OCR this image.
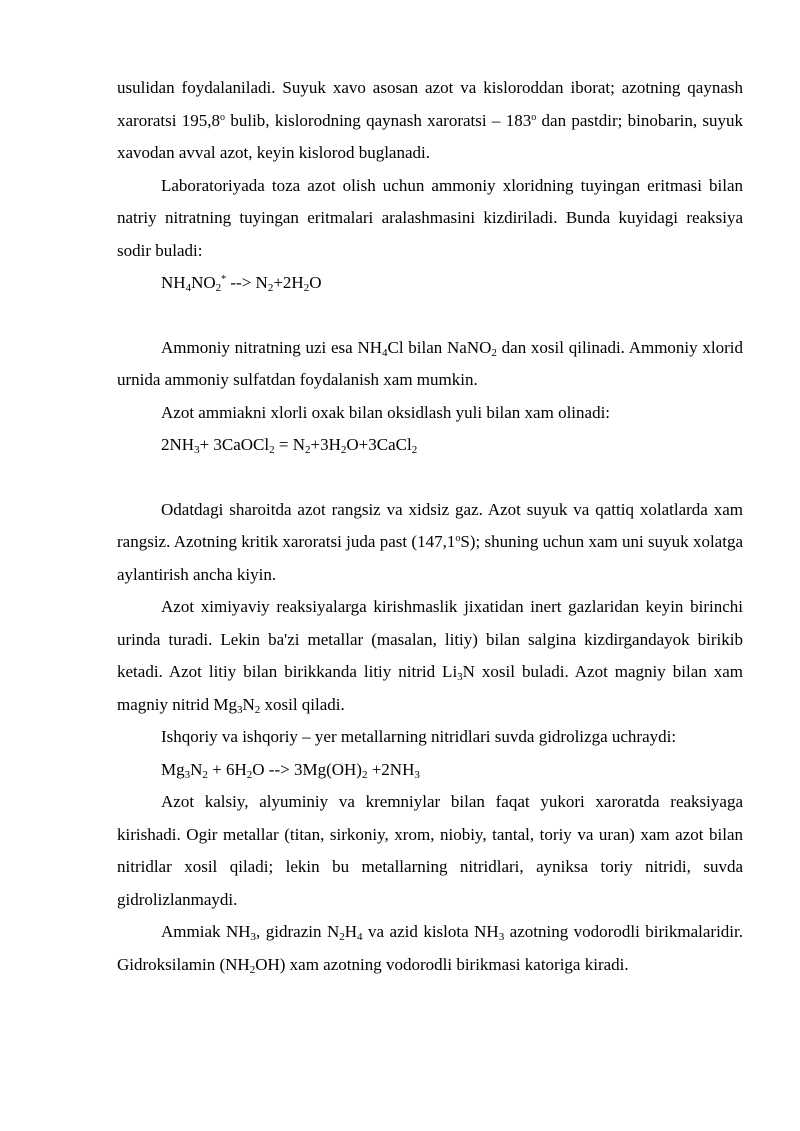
usulidan foydalaniladi. Suyuk xavo asosan azot va kisloroddan iborat; azotning qaynash xaroratsi 195,8$^o$ bulib, kislorodning qaynash xaroratsi – 183$^o$ dan pastdir; binobarin, suyuk xavodan avval azot, keyin kislorod buglanadi.

Laboratoriyada toza azot olish uchun ammoniy xloridning tuyingan eritmasi bilan natriy nitratning tuyingan eritmalari aralashmasini kizdiriladi. Bunda kuyidagi reaksiya sodir buladi:

$NH_4NO_2^*$ --> $N_2+2H_2O$

Ammoniy nitratning uzi esa $NH_4Cl$ bilan NaNO$_2$ dan xosil qilinadi. Ammoniy xlorid urnida ammoniy sulfatdan foydalanish xam mumkin.

Azot ammiakni xlorli oxak bilan oksidlash yuli bilan xam olinadi:

$2NH_3+$ 3CaOCl$_2$ = $N_2+3H_2O+3CaCl_2$

Odatdagi sharoitda azot rangsiz va xidsiz gaz. Azot suyuk va qattiq xolatlarda xam rangsiz. Azotning kritik xaroratsi juda past (147,1$^o$S); shuning uchun xam uni suyuk xolatga aylantirish ancha kiyin.

Azot ximiyaviy reaksiyalarga kirishmaslik jixatidan inert gazlaridan keyin birinchi urinda turadi. Lekin ba'zi metallar (masalan, litiy) bilan salgina kizdirgandayok birikib ketadi. Azot litiy bilan birikkanda litiy nitrid $Li_3N$ xosil buladi. Azot magniy bilan xam magniy nitrid $Mg_3N_2$ xosil qiladi.

Ishqoriy va ishqoriy – yer metallarning nitridlari suvda gidrolizga uchraydi:

$Mg_3N_2 + 6H_2O$ --> $3Mg(OH)_2 +2NH_3$

Azot kalsiy, alyuminiy va kremniylar bilan faqat yukori xaroratda reaksiyaga kirishadi. Ogir metallar (titan, sirkoniy, xrom, niobiy, tantal, toriy va uran) xam azot bilan nitridlar xosil qiladi; lekin bu metallarning nitridlari, ayniksa toriy nitridi, suvda gidrolizlanmaydi.

Ammiak $NH_3$, gidrazin $N_2H_4$ va azid kislota $NH_3$ azotning vodorodli birikmalaridir. Gidroksilamin $(NH_2OH)$ xam azotning vodorodli birikmasi katoriga kiradi.
